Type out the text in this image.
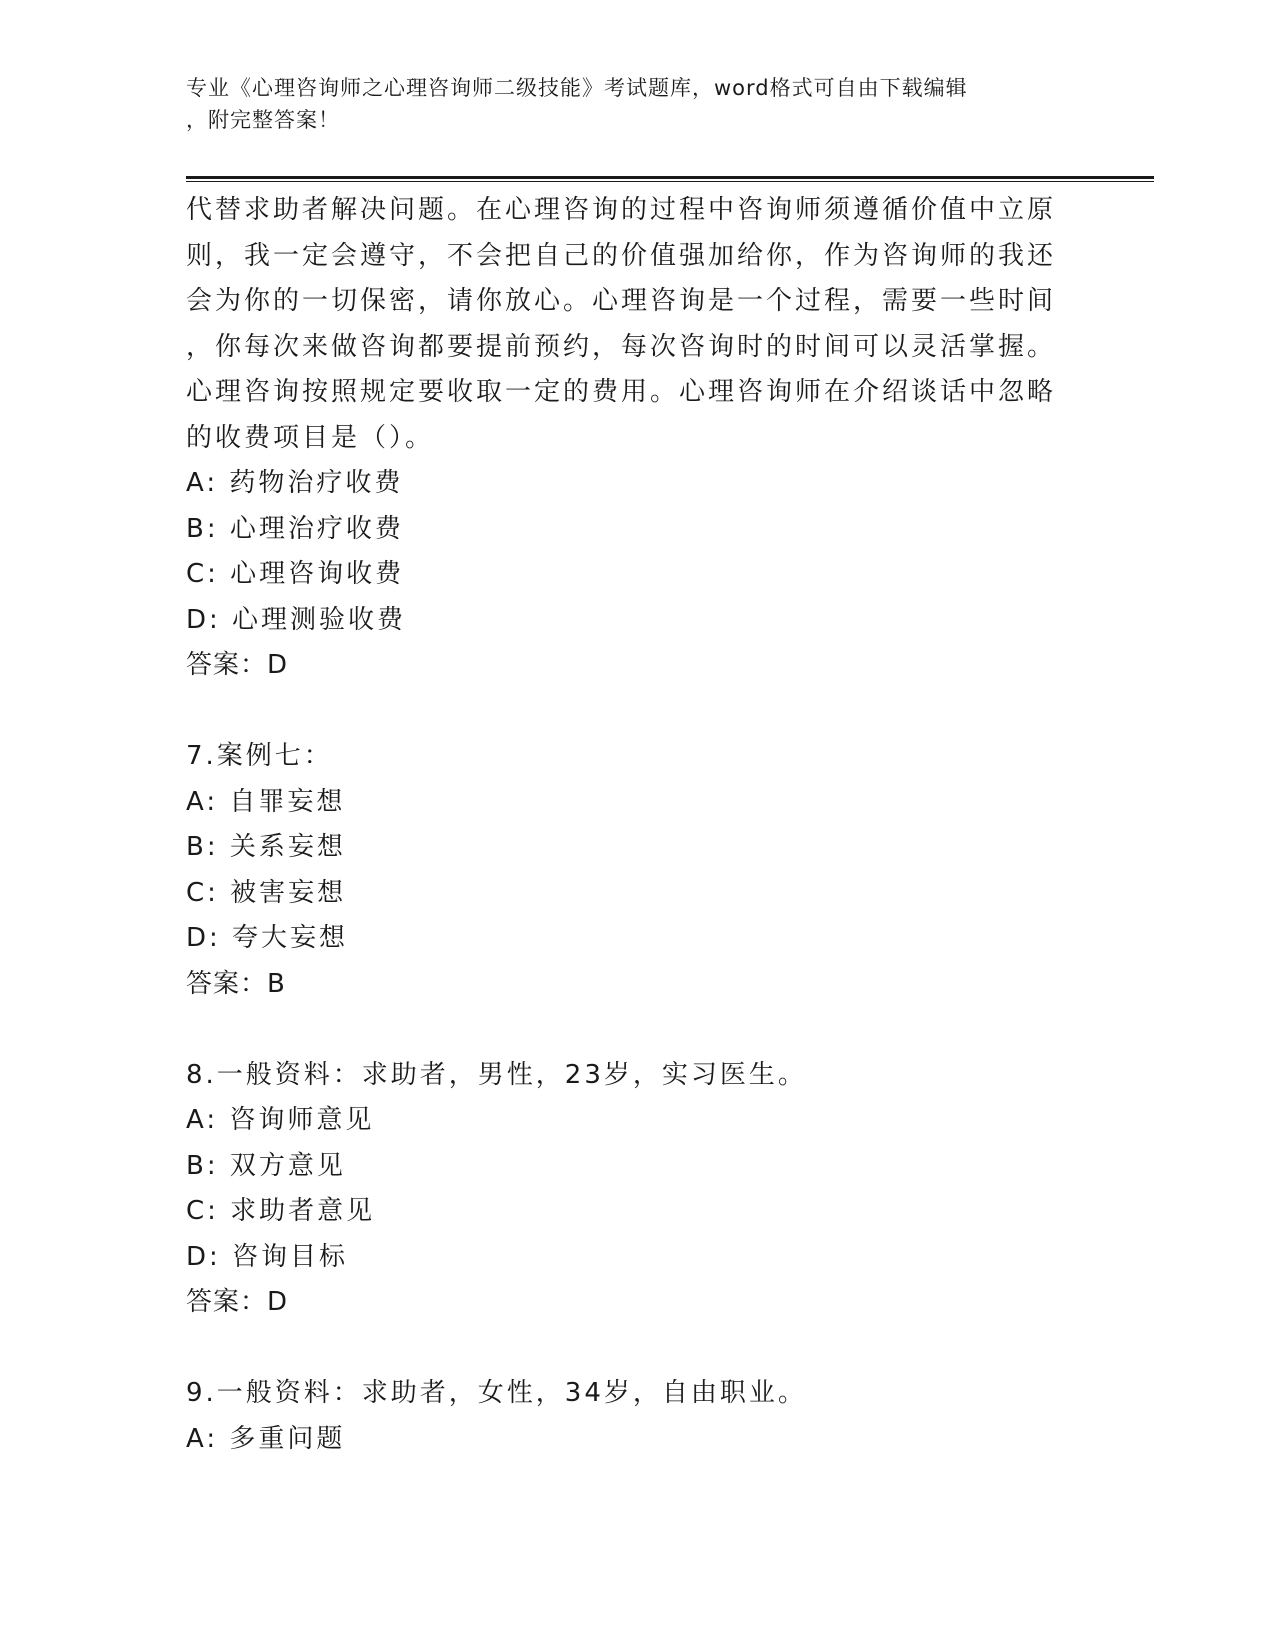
专业《心理咨询师之心理咨询师二级技能》考试题库，word格式可自由下载编辑
，附完整答案！
代替求助者解决问题。在心理咨询的过程中咨询师须遵循价值中立原
则，我一定会遵守，不会把自己的价值强加给你，作为咨询师的我还
会为你的一切保密，请你放心。心理咨询是一个过程，需要一些时间
，你每次来做咨询都要提前预约，每次咨询时的时间可以灵活掌握。
心理咨询按照规定要收取一定的费用。心理咨询师在介绍谈话中忽略
的收费项目是（）。
A: 药物治疗收费
B: 心理治疗收费
C: 心理咨询收费
D: 心理测验收费
答案：D
7.案例七：
A: 自罪妄想
B: 关系妄想
C: 被害妄想
D: 夸大妄想
答案：B
8.一般资料：求助者，男性，23岁，实习医生。
A: 咨询师意见
B: 双方意见
C: 求助者意见
D: 咨询目标
答案：D
9.一般资料：求助者，女性，34岁，自由职业。
A: 多重问题
